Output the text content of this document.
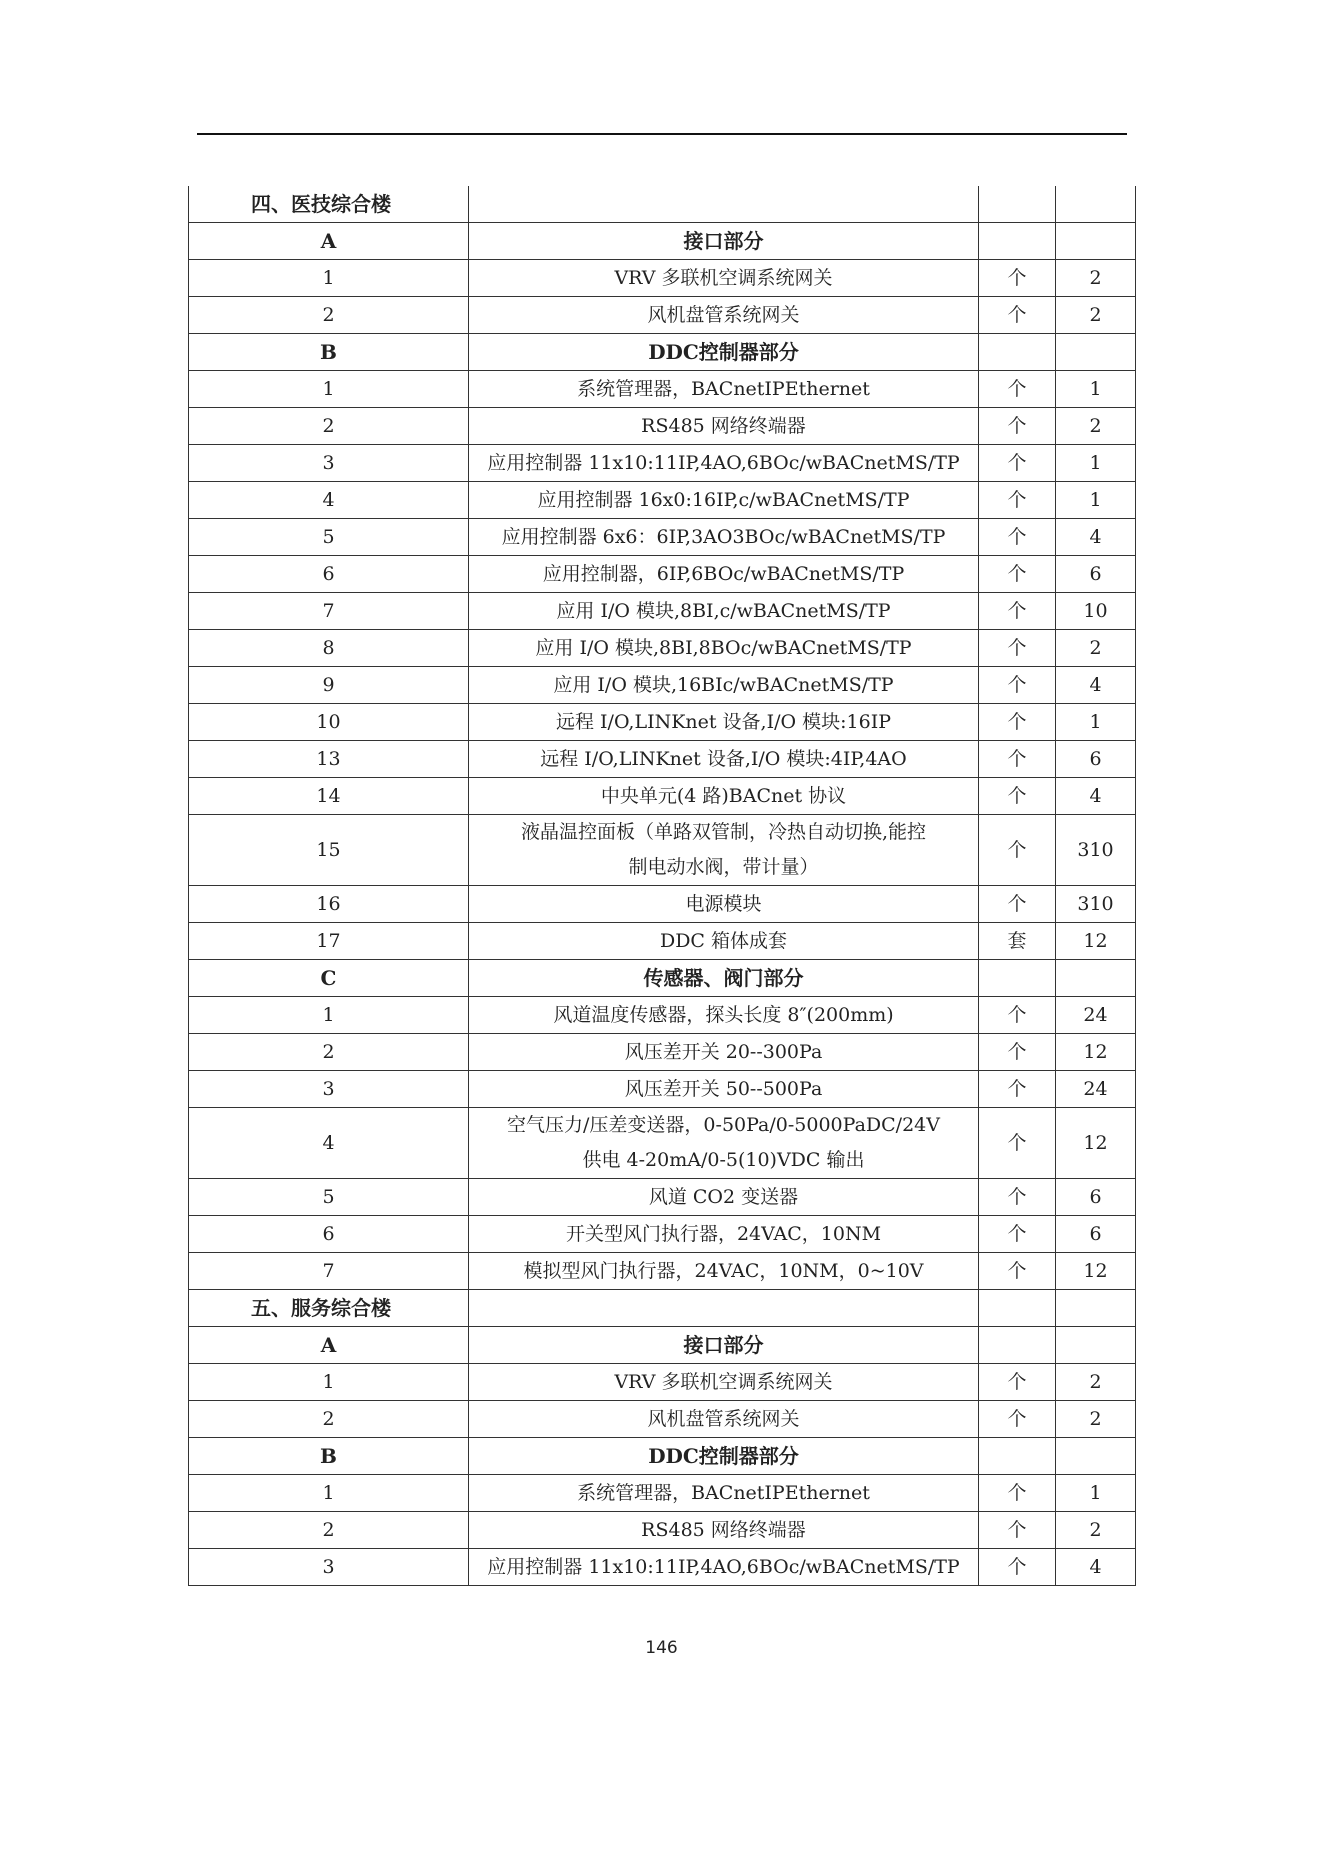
四、医技综合楼			
A	接口部分		
1	VRV 多联机空调系统网关	个	2
2	风机盘管系统网关	个	2
B	DDC控制器部分		
1	系统管理器，BACnetIPEthernet	个	1
2	RS485 网络终端器	个	2
3	应用控制器 11x10:11IP,4AO,6BOc/wBACnetMS/TP	个	1
4	应用控制器 16x0:16IP,c/wBACnetMS/TP	个	1
5	应用控制器 6x6：6IP,3AO3BOc/wBACnetMS/TP	个	4
6	应用控制器，6IP,6BOc/wBACnetMS/TP	个	6
7	应用 I/O 模块,8BI,c/wBACnetMS/TP	个	10
8	应用 I/O 模块,8BI,8BOc/wBACnetMS/TP	个	2
9	应用 I/O 模块,16BIc/wBACnetMS/TP	个	4
10	远程 I/O,LINKnet 设备,I/O 模块:16IP	个	1
13	远程 I/O,LINKnet 设备,I/O 模块:4IP,4AO	个	6
14	中央单元(4 路)BACnet 协议	个	4
15	液晶温控面板（单路双管制，冷热自动切换,能控
制电动水阀，带计量）	个	310
16	电源模块	个	310
17	DDC 箱体成套	套	12
C	传感器、阀门部分		
1	风道温度传感器，探头长度 8″(200mm)	个	24
2	风压差开关 20--300Pa	个	12
3	风压差开关 50--500Pa	个	24
4	空气压力/压差变送器，0-50Pa/0-5000PaDC/24V
供电 4-20mA/0-5(10)VDC 输出	个	12
5	风道 CO2 变送器	个	6
6	开关型风门执行器，24VAC，10NM	个	6
7	模拟型风门执行器，24VAC，10NM，0~10V	个	12
五、服务综合楼			
A	接口部分		
1	VRV 多联机空调系统网关	个	2
2	风机盘管系统网关	个	2
B	DDC控制器部分		
1	系统管理器，BACnetIPEthernet	个	1
2	RS485 网络终端器	个	2
3	应用控制器 11x10:11IP,4AO,6BOc/wBACnetMS/TP	个	4
146
